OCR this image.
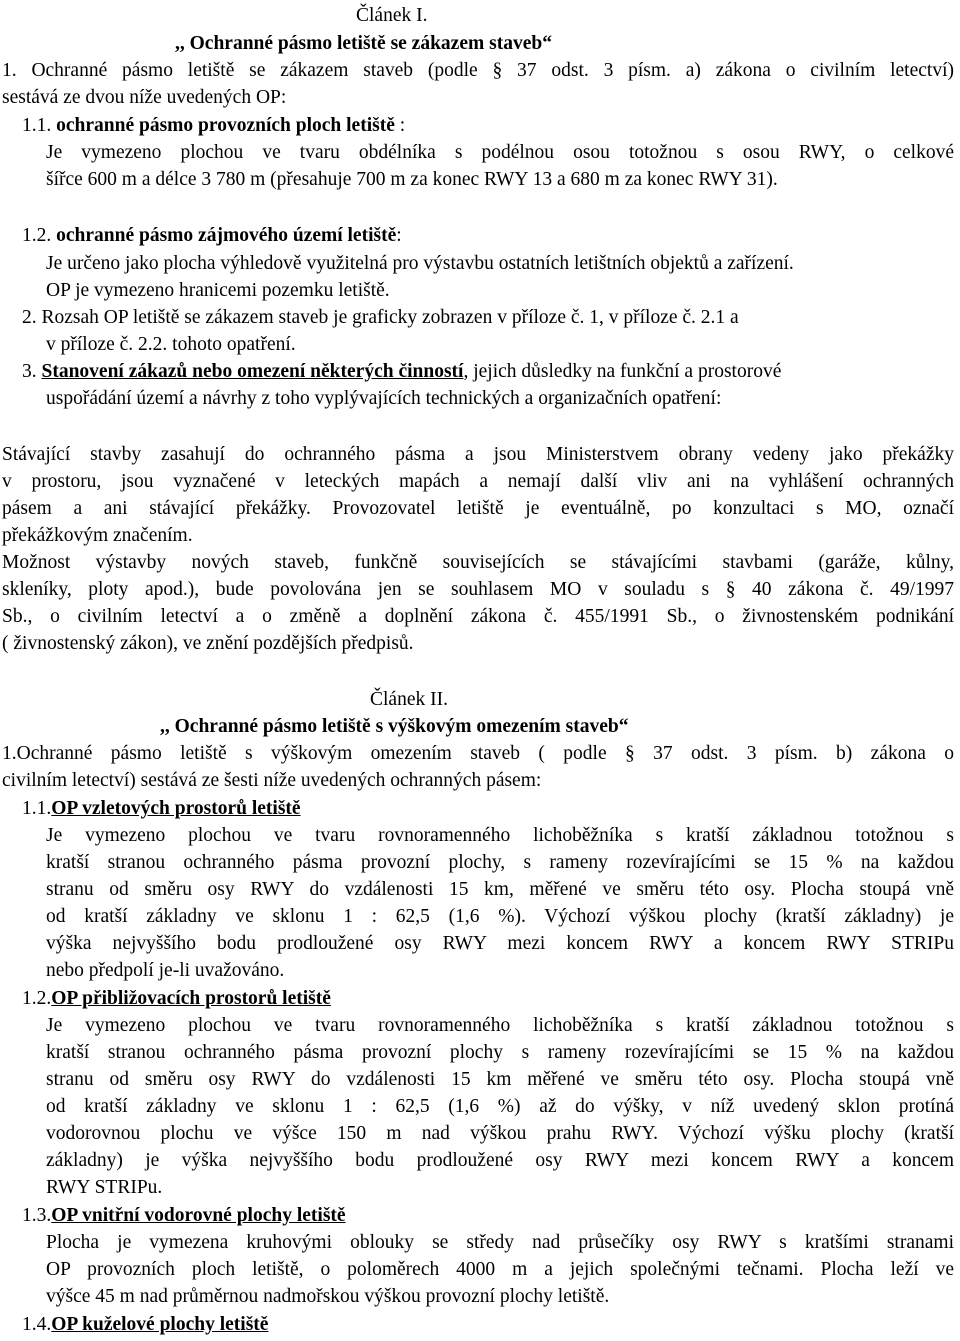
Článek I.
,, Ochranné pásmo letiště se zákazem staveb“
1. Ochranné pásmo letiště se zákazem staveb (podle § 37 odst. 3 písm. a) zákona o civilním letectví)
sestává ze dvou níže uvedených OP:
1.1. ochranné pásmo provozních ploch letiště :
Je vymezeno plochou ve tvaru obdélníka s podélnou osou totožnou s osou RWY, o celkové
šířce 600 m a délce 3 780 m (přesahuje 700 m za konec RWY 13 a 680 m za konec RWY 31).
1.2. ochranné pásmo zájmového území letiště:
Je určeno jako plocha výhledově využitelná pro výstavbu ostatních letištních objektů a zařízení.
OP je vymezeno hranicemi pozemku letiště.
2. Rozsah OP letiště se zákazem staveb je graficky zobrazen v příloze č. 1, v příloze č. 2.1 a
v příloze č. 2.2. tohoto opatření.
3. Stanovení zákazů nebo omezení některých činností, jejich důsledky na funkční a prostorové
uspořádání území a návrhy z toho vyplývajících technických a organizačních opatření:
Stávající stavby zasahují do ochranného pásma a jsou Ministerstvem obrany vedeny jako překážky
v prostoru, jsou vyznačené v leteckých mapách a nemají další vliv ani na vyhlášení ochranných
pásem a ani stávající překážky. Provozovatel letiště je eventuálně, po konzultaci s MO, označí
překážkovým značením.
Možnost výstavby nových staveb, funkčně souvisejících se stávajícími stavbami (garáže, kůlny,
skleníky, ploty apod.), bude povolována jen se souhlasem MO v souladu s § 40 zákona č. 49/1997
Sb., o civilním letectví a o změně a doplnění zákona č. 455/1991 Sb., o živnostenském podnikání
( živnostenský zákon), ve znění pozdějších předpisů.
Článek II.
,, Ochranné pásmo letiště s výškovým omezením staveb“
1.Ochranné pásmo letiště s výškovým omezením staveb ( podle § 37 odst. 3 písm. b) zákona o
civilním letectví) sestává ze šesti níže uvedených ochranných pásem:
1.1.OP vzletových prostorů letiště
Je vymezeno plochou ve tvaru rovnoramenného lichoběžníka s kratší základnou totožnou s
kratší stranou ochranného pásma provozní plochy, s rameny rozevírajícími se 15 % na každou
stranu od směru osy RWY do vzdálenosti 15 km, měřené ve směru této osy. Plocha stoupá vně
od kratší základny ve sklonu 1 : 62,5 (1,6 %). Výchozí výškou plochy (kratší základny) je
výška nejvyššího bodu prodloužené osy RWY mezi koncem RWY a koncem RWY STRIPu
nebo předpolí je-li uvažováno.
1.2.OP přibližovacích prostorů letiště
Je vymezeno plochou ve tvaru rovnoramenného lichoběžníka s kratší základnou totožnou s
kratší stranou ochranného pásma provozní plochy s rameny rozevírajícími se 15 % na každou
stranu od směru osy RWY do vzdálenosti 15 km měřené ve směru této osy. Plocha stoupá vně
od kratší základny ve sklonu 1 : 62,5 (1,6 %) až do výšky, v níž uvedený sklon protíná
vodorovnou plochu ve výšce 150 m nad výškou prahu RWY. Výchozí výšku plochy (kratší
základny) je výška nejvyššího bodu prodloužené osy RWY mezi koncem RWY a koncem
RWY STRIPu.
1.3.OP vnitřní vodorovné plochy letiště
Plocha je vymezena kruhovými oblouky se středy nad průsečíky osy RWY s kratšími stranami
OP provozních ploch letiště, o poloměrech 4000 m a jejich společnými tečnami. Plocha leží ve
výšce 45 m nad průměrnou nadmořskou výškou provozní plochy letiště.
1.4.OP kuželové plochy letiště
